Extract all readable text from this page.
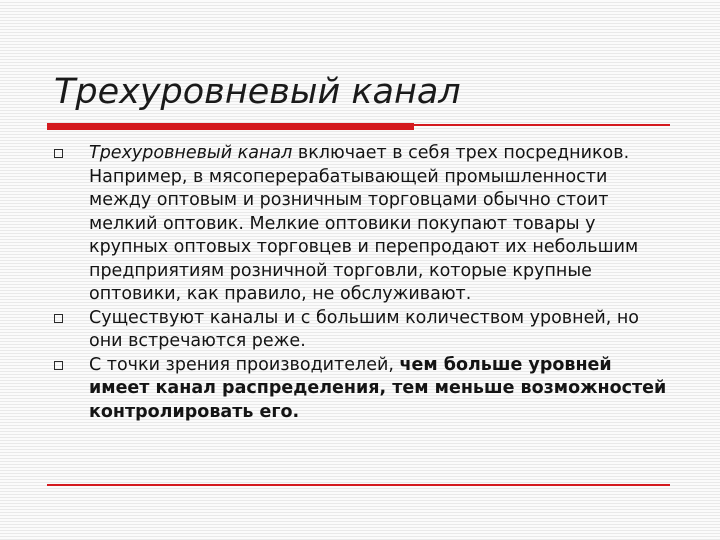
Трехуровневый канал
Трехуровневый канал включает в себя трех посредников. Например, в мясоперерабатывающей промышленности между оптовым и розничным торговцами обычно стоит мелкий оптовик. Мелкие оптовики покупают товары у крупных оптовых торговцев и перепродают их небольшим предприятиям розничной торговли, которые крупные оптовики, как правило, не обслуживают.
Существуют каналы и с большим количеством уровней, но они встречаются реже.
С точки зрения производителей, чем больше уровней имеет канал распределения, тем меньше возможностей контролировать его.
